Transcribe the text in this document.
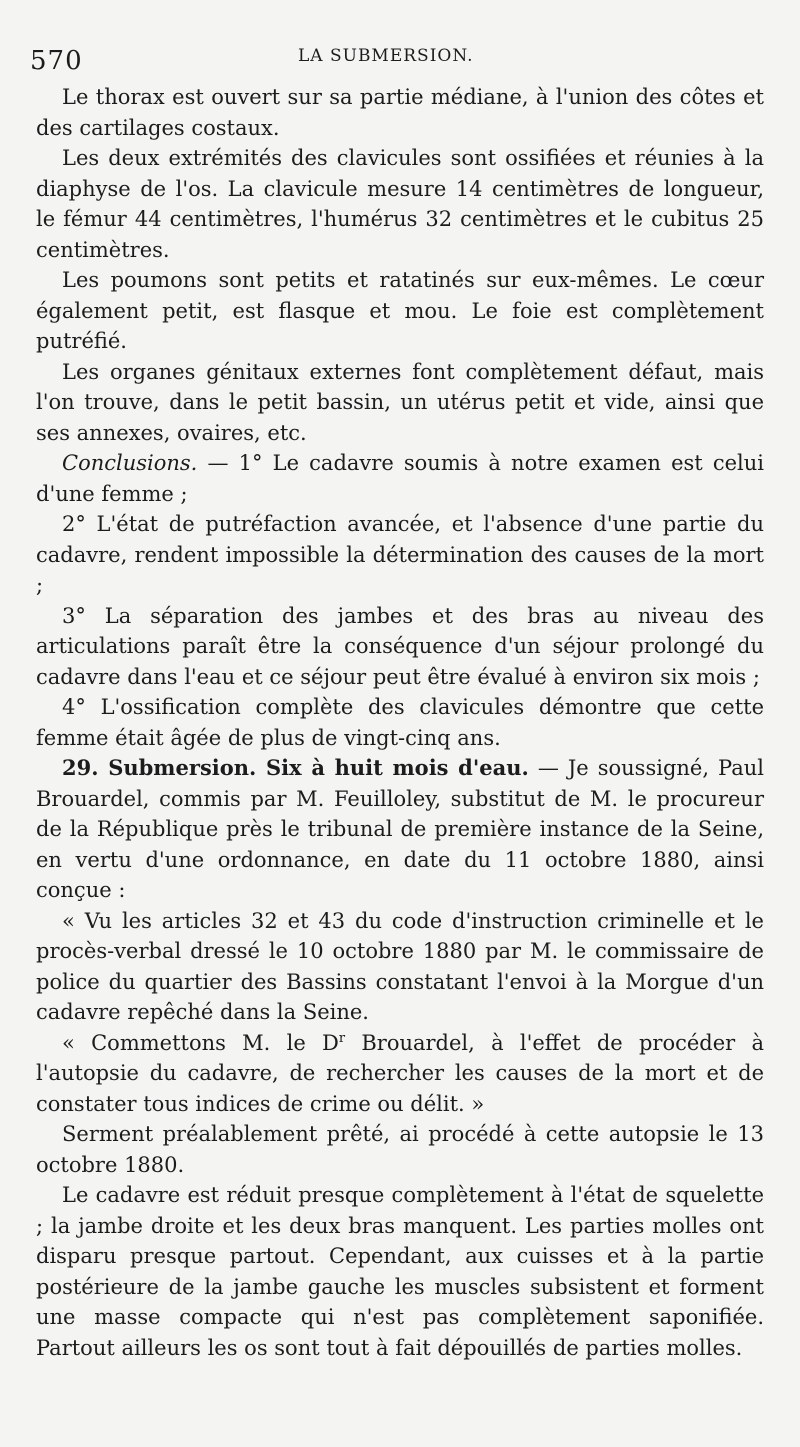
570	LA SUBMERSION.

Le thorax est ouvert sur sa partie médiane, à l'union des côtes et des cartilages costaux.

Les deux extrémités des clavicules sont ossifiées et réunies à la diaphyse de l'os. La clavicule mesure 14 centimètres de longueur, le fémur 44 centimètres, l'humérus 32 centimètres et le cubitus 25 centimètres.

Les poumons sont petits et ratatinés sur eux-mêmes. Le cœur également petit, est flasque et mou. Le foie est complètement putréfié.

Les organes génitaux externes font complètement défaut, mais l'on trouve, dans le petit bassin, un utérus petit et vide, ainsi que ses annexes, ovaires, etc.

Conclusions. — 1° Le cadavre soumis à notre examen est celui d'une femme ;

2° L'état de putréfaction avancée, et l'absence d'une partie du cadavre, rendent impossible la détermination des causes de la mort ;

3° La séparation des jambes et des bras au niveau des articulations paraît être la conséquence d'un séjour prolongé du cadavre dans l'eau et ce séjour peut être évalué à environ six mois ;

4° L'ossification complète des clavicules démontre que cette femme était âgée de plus de vingt-cinq ans.

29. Submersion. Six à huit mois d'eau. — Je soussigné, Paul Brouardel, commis par M. Feuilloley, substitut de M. le procureur de la République près le tribunal de première instance de la Seine, en vertu d'une ordonnance, en date du 11 octobre 1880, ainsi conçue :

« Vu les articles 32 et 43 du code d'instruction criminelle et le procès-verbal dressé le 10 octobre 1880 par M. le commissaire de police du quartier des Bassins constatant l'envoi à la Morgue d'un cadavre repêché dans la Seine.

« Commettons M. le $D^r$ Brouardel, à l'effet de procéder à l'autopsie du cadavre, de rechercher les causes de la mort et de constater tous indices de crime ou délit. »

Serment préalablement prêté, ai procédé à cette autopsie le 13 octobre 1880.

Le cadavre est réduit presque complètement à l'état de squelette ; la jambe droite et les deux bras manquent. Les parties molles ont disparu presque partout. Cependant, aux cuisses et à la partie postérieure de la jambe gauche les muscles subsistent et forment une masse compacte qui n'est pas complètement saponifiée. Partout ailleurs les os sont tout à fait dépouillés de parties molles.
